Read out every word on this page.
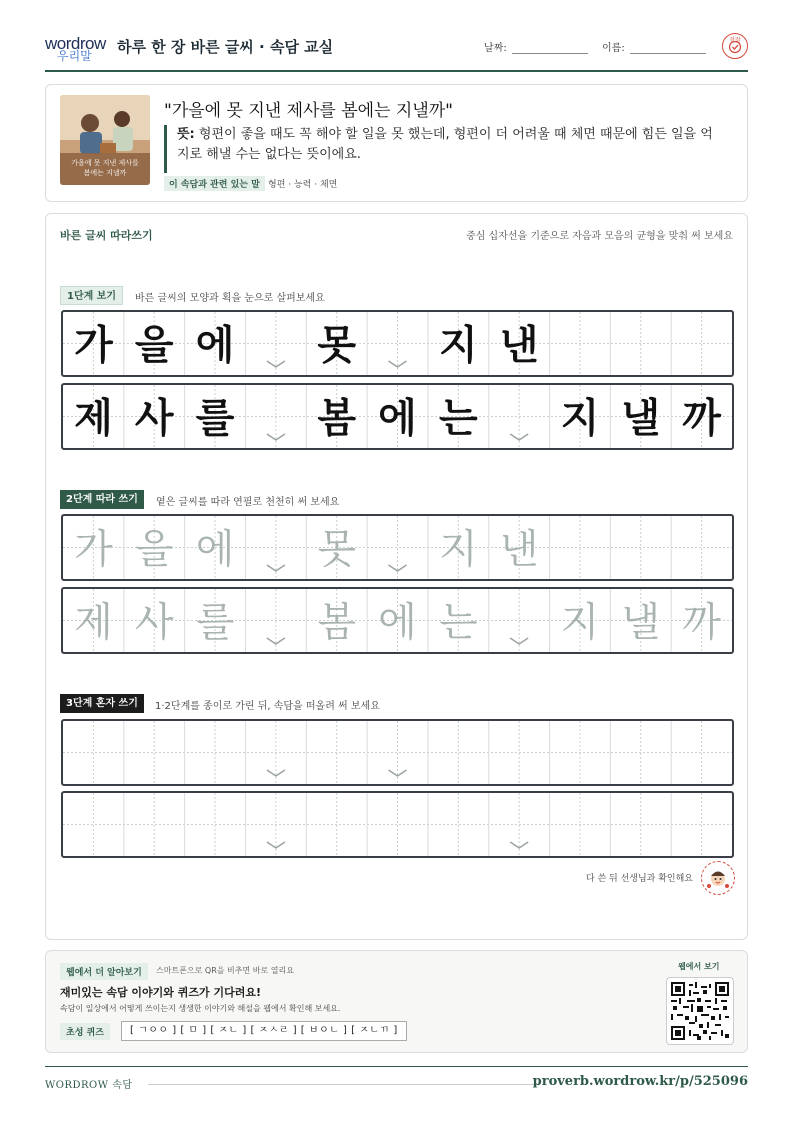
wordrow
우리말 하루 한 장 바른 글씨 · 속담 교실	날짜:	이름:
참잘
가을에 못 지낸 제사를
봄에는 지낼까
"가을에 못 지낸 제사를 봄에는 지낼까"
뜻: 형편이 좋을 때도 꼭 해야 할 일을 못 했는데, 형편이 더 어려울 때 체면 때문에 힘든 일을 억지로 해낼 수는 없다는 뜻이에요.
이 속담과 관련 있는 말 형편 · 능력 · 체면
바른 글씨 따라쓰기	중심 십자선을 기준으로 자음과 모음의 균형을 맞춰 써 보세요
1단계 보기	바른 글씨의 모양과 획을 눈으로 살펴보세요
가 을 에 못 지 낸
제 사 를 봄 에 는 지 낼 까
2단계 따라 쓰기	옅은 글씨를 따라 연필로 천천히 써 보세요
가 을 에 못 지 낸
제 사 를 봄 에 는 지 낼 까
3단계 혼자 쓰기	1·2단계를 종이로 가린 뒤, 속담을 떠올려 써 보세요
다 쓴 뒤 선생님과 확인해요
웹에서 더 알아보기	스마트폰으로 QR을 비추면 바로 열리요
재미있는 속담 이야기와 퀴즈가 기다려요!
속담이 일상에서 어떻게 쓰이는지 생생한 이야기와 해설을 웹에서 확인해 보세요.
초성 퀴즈	[ ㄱㅇㅇ ] [ ㅁ ] [ ㅈㄴ ] [ ㅈㅅㄹ ] [ ㅂㅇㄴ ] [ ㅈㄴㄲ ]
웹에서 보기
WORDROW 속담	proverb.wordrow.kr/p/525096
